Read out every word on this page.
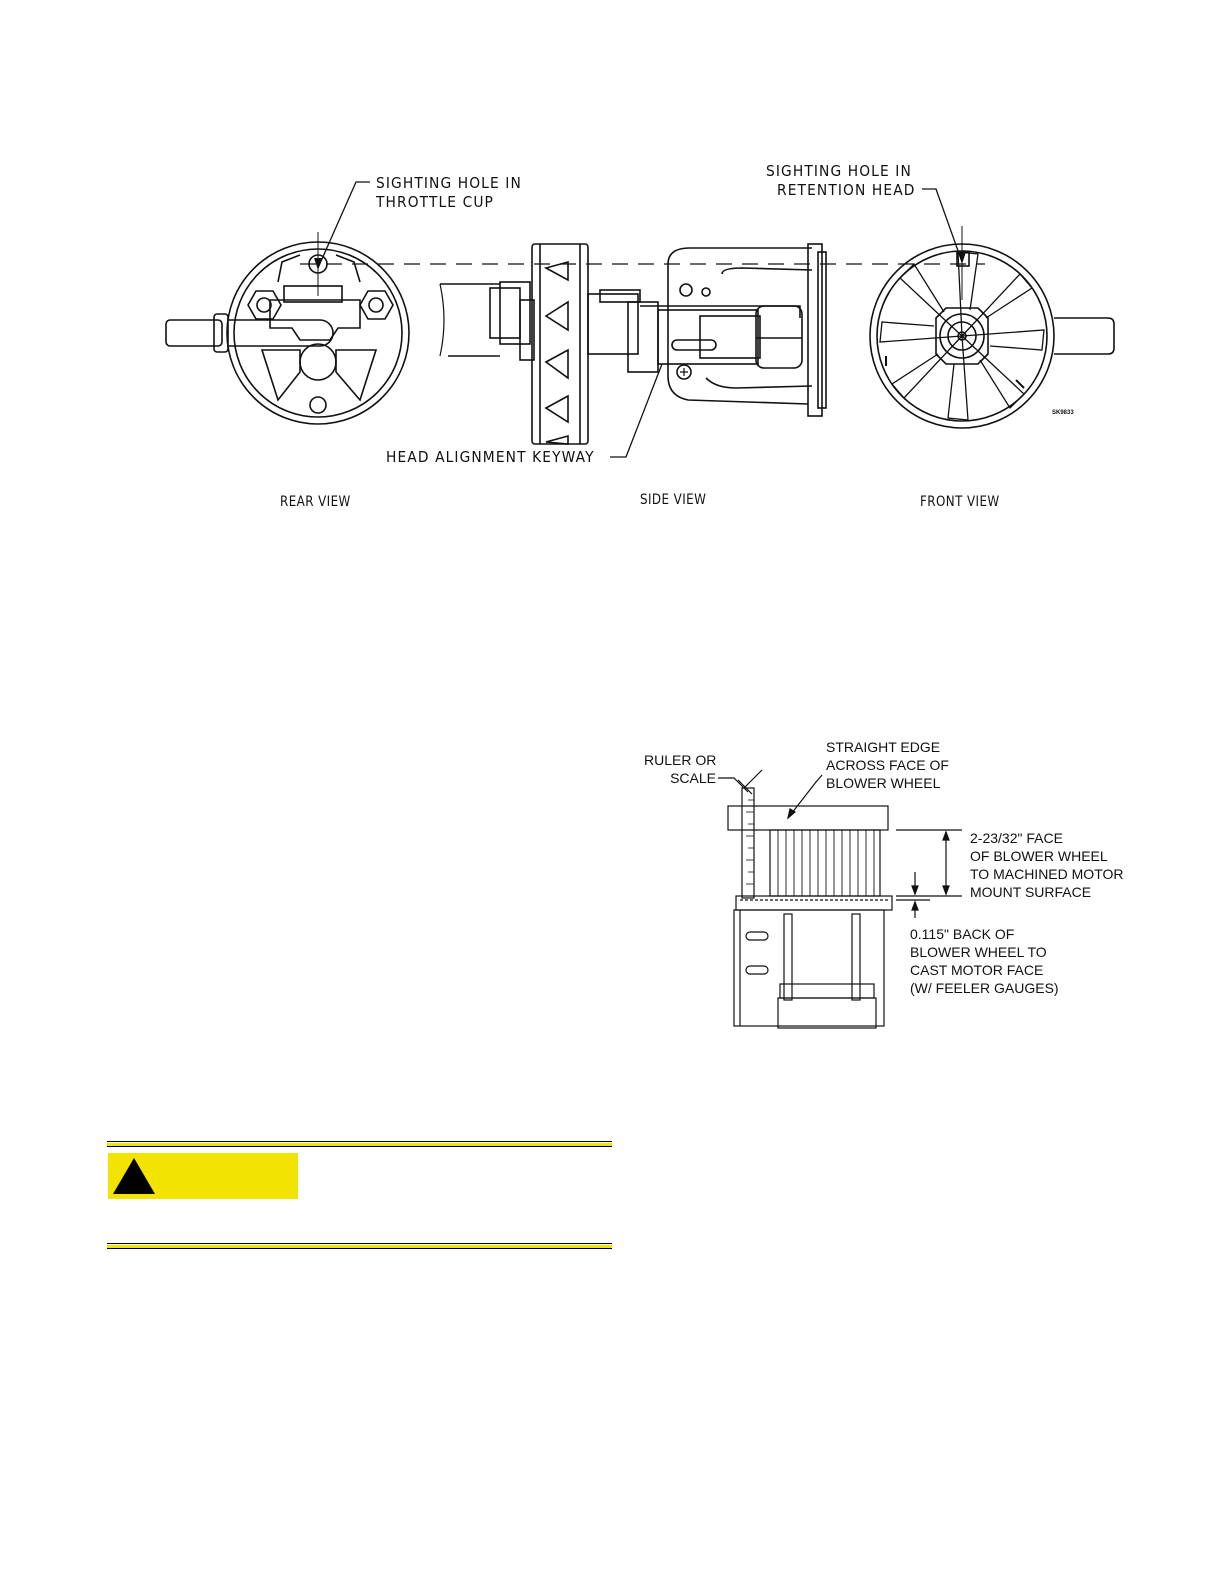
SIGHTING HOLE IN
THROTTLE CUP
SIGHTING HOLE IN
RETENTION HEAD
HEAD ALIGNMENT KEYWAY
REAR VIEW	SIDE VIEW	FRONT VIEW
SK9833
RULER OR
SCALE
STRAIGHT EDGE
ACROSS FACE OF
BLOWER WHEEL
2-23/32" FACE
OF BLOWER WHEEL
TO MACHINED MOTOR
MOUNT SURFACE
0.115" BACK OF
BLOWER WHEEL TO
CAST MOTOR FACE
(W/ FEELER GAUGES)
